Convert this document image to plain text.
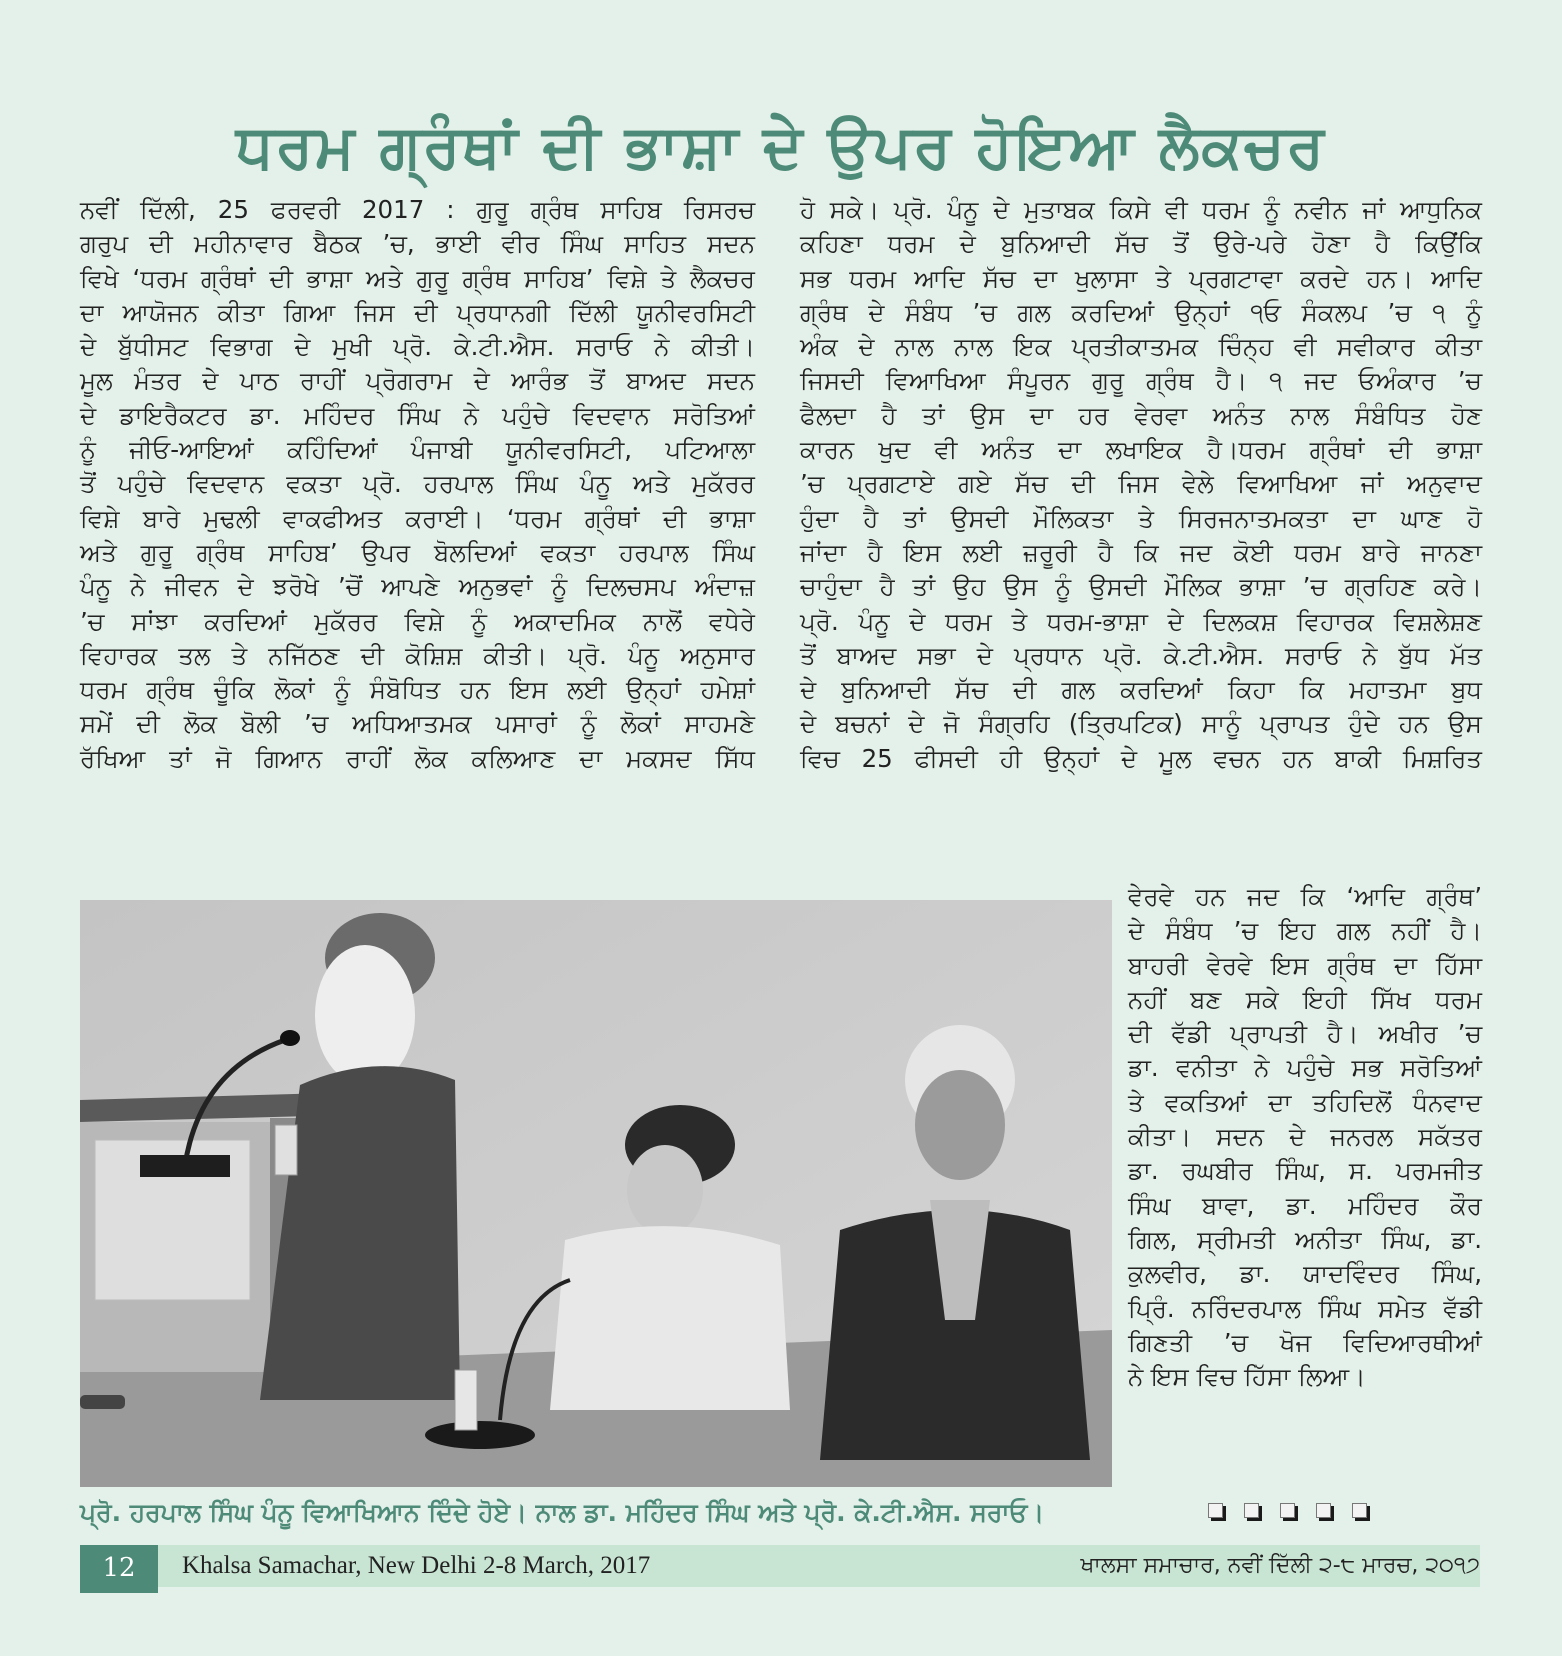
ਧਰਮ ਗ੍ਰੰਥਾਂ ਦੀ ਭਾਸ਼ਾ ਦੇ ਉਪਰ ਹੋਇਆ ਲੈਕਚਰ
ਨਵੀਂ ਦਿੱਲੀ, 25 ਫਰਵਰੀ 2017 : ਗੁਰੂ ਗ੍ਰੰਥ ਸਾਹਿਬ ਰਿਸਰਚ
ਗਰੁਪ ਦੀ ਮਹੀਨਾਵਾਰ ਬੈਠਕ ’ਚ, ਭਾਈ ਵੀਰ ਸਿੰਘ ਸਾਹਿਤ ਸਦਨ
ਵਿਖੇ ‘ਧਰਮ ਗ੍ਰੰਥਾਂ ਦੀ ਭਾਸ਼ਾ ਅਤੇ ਗੁਰੂ ਗ੍ਰੰਥ ਸਾਹਿਬ’ ਵਿਸ਼ੇ ਤੇ ਲੈਕਚਰ
ਦਾ ਆਯੋਜਨ ਕੀਤਾ ਗਿਆ ਜਿਸ ਦੀ ਪ੍ਰਧਾਨਗੀ ਦਿੱਲੀ ਯੂਨੀਵਰਸਿਟੀ
ਦੇ ਬੁੱਧੀਸਟ ਵਿਭਾਗ ਦੇ ਮੁਖੀ ਪ੍ਰੋ. ਕੇ.ਟੀ.ਐਸ. ਸਰਾਓ ਨੇ ਕੀਤੀ।
ਮੂਲ ਮੰਤਰ ਦੇ ਪਾਠ ਰਾਹੀਂ ਪ੍ਰੋਗਰਾਮ ਦੇ ਆਰੰਭ ਤੋਂ ਬਾਅਦ ਸਦਨ
ਦੇ ਡਾਇਰੈਕਟਰ ਡਾ. ਮਹਿੰਦਰ ਸਿੰਘ ਨੇ ਪਹੁੰਚੇ ਵਿਦਵਾਨ ਸਰੋਤਿਆਂ
ਨੂੰ ਜੀਓ-ਆਇਆਂ ਕਹਿੰਦਿਆਂ ਪੰਜਾਬੀ ਯੂਨੀਵਰਸਿਟੀ, ਪਟਿਆਲਾ
ਤੋਂ ਪਹੁੰਚੇ ਵਿਦਵਾਨ ਵਕਤਾ ਪ੍ਰੋ. ਹਰਪਾਲ ਸਿੰਘ ਪੰਨੂ ਅਤੇ ਮੁਕੱਰਰ
ਵਿਸ਼ੇ ਬਾਰੇ ਮੁਢਲੀ ਵਾਕਫੀਅਤ ਕਰਾਈ। ‘ਧਰਮ ਗ੍ਰੰਥਾਂ ਦੀ ਭਾਸ਼ਾ
ਅਤੇ ਗੁਰੂ ਗ੍ਰੰਥ ਸਾਹਿਬ’ ਉਪਰ ਬੋਲਦਿਆਂ ਵਕਤਾ ਹਰਪਾਲ ਸਿੰਘ
ਪੰਨੂ ਨੇ ਜੀਵਨ ਦੇ ਝਰੋਖੇ ’ਚੋਂ ਆਪਣੇ ਅਨੁਭਵਾਂ ਨੂੰ ਦਿਲਚਸਪ ਅੰਦਾਜ਼
’ਚ ਸਾਂਝਾ ਕਰਦਿਆਂ ਮੁਕੱਰਰ ਵਿਸ਼ੇ ਨੂੰ ਅਕਾਦਮਿਕ ਨਾਲੋਂ ਵਧੇਰੇ
ਵਿਹਾਰਕ ਤਲ ਤੇ ਨਜਿੱਠਣ ਦੀ ਕੋਸ਼ਿਸ਼ ਕੀਤੀ। ਪ੍ਰੋ. ਪੰਨੂ ਅਨੁਸਾਰ
ਧਰਮ ਗ੍ਰੰਥ ਚੂੰਕਿ ਲੋਕਾਂ ਨੂੰ ਸੰਬੋਧਿਤ ਹਨ ਇਸ ਲਈ ਉਨ੍ਹਾਂ ਹਮੇਸ਼ਾਂ
ਸਮੇਂ ਦੀ ਲੋਕ ਬੋਲੀ ’ਚ ਅਧਿਆਤਮਕ ਪਸਾਰਾਂ ਨੂੰ ਲੋਕਾਂ ਸਾਹਮਣੇ
ਰੱਖਿਆ ਤਾਂ ਜੋ ਗਿਆਨ ਰਾਹੀਂ ਲੋਕ ਕਲਿਆਣ ਦਾ ਮਕਸਦ ਸਿੱਧ
ਹੋ ਸਕੇ। ਪ੍ਰੋ. ਪੰਨੂ ਦੇ ਮੁਤਾਬਕ ਕਿਸੇ ਵੀ ਧਰਮ ਨੂੰ ਨਵੀਨ ਜਾਂ ਆਧੁਨਿਕ
ਕਹਿਣਾ ਧਰਮ ਦੇ ਬੁਨਿਆਦੀ ਸੱਚ ਤੋਂ ਉਰੇ-ਪਰੇ ਹੋਣਾ ਹੈ ਕਿਉਂਕਿ
ਸਭ ਧਰਮ ਆਦਿ ਸੱਚ ਦਾ ਖੁਲਾਸਾ ਤੇ ਪ੍ਰਗਟਾਵਾ ਕਰਦੇ ਹਨ। ਆਦਿ
ਗ੍ਰੰਥ ਦੇ ਸੰਬੰਧ ’ਚ ਗਲ ਕਰਦਿਆਂ ਉਨ੍ਹਾਂ ੧ਓ ਸੰਕਲਪ ’ਚ ੧ ਨੂੰ
ਅੰਕ ਦੇ ਨਾਲ ਨਾਲ ਇਕ ਪ੍ਰਤੀਕਾਤਮਕ ਚਿੰਨ੍ਹ ਵੀ ਸਵੀਕਾਰ ਕੀਤਾ
ਜਿਸਦੀ ਵਿਆਖਿਆ ਸੰਪੂਰਨ ਗੁਰੂ ਗ੍ਰੰਥ ਹੈ। ੧ ਜਦ ਓਅੰਕਾਰ ’ਚ
ਫੈਲਦਾ ਹੈ ਤਾਂ ਉਸ ਦਾ ਹਰ ਵੇਰਵਾ ਅਨੰਤ ਨਾਲ ਸੰਬੰਧਿਤ ਹੋਣ
ਕਾਰਨ ਖੁਦ ਵੀ ਅਨੰਤ ਦਾ ਲਖਾਇਕ ਹੈ।ਧਰਮ ਗ੍ਰੰਥਾਂ ਦੀ ਭਾਸ਼ਾ
’ਚ ਪ੍ਰਗਟਾਏ ਗਏ ਸੱਚ ਦੀ ਜਿਸ ਵੇਲੇ ਵਿਆਖਿਆ ਜਾਂ ਅਨੁਵਾਦ
ਹੁੰਦਾ ਹੈ ਤਾਂ ਉਸਦੀ ਮੌਲਿਕਤਾ ਤੇ ਸਿਰਜਨਾਤਮਕਤਾ ਦਾ ਘਾਣ ਹੋ
ਜਾਂਦਾ ਹੈ ਇਸ ਲਈ ਜ਼ਰੂਰੀ ਹੈ ਕਿ ਜਦ ਕੋਈ ਧਰਮ ਬਾਰੇ ਜਾਨਣਾ
ਚਾਹੁੰਦਾ ਹੈ ਤਾਂ ਉਹ ਉਸ ਨੂੰ ਉਸਦੀ ਮੌਲਿਕ ਭਾਸ਼ਾ ’ਚ ਗ੍ਰਹਿਣ ਕਰੇ।
ਪ੍ਰੋ. ਪੰਨੂ ਦੇ ਧਰਮ ਤੇ ਧਰਮ-ਭਾਸ਼ਾ ਦੇ ਦਿਲਕਸ਼ ਵਿਹਾਰਕ ਵਿਸ਼ਲੇਸ਼ਣ
ਤੋਂ ਬਾਅਦ ਸਭਾ ਦੇ ਪ੍ਰਧਾਨ ਪ੍ਰੋ. ਕੇ.ਟੀ.ਐਸ. ਸਰਾਓ ਨੇ ਬੁੱਧ ਮੱਤ
ਦੇ ਬੁਨਿਆਦੀ ਸੱਚ ਦੀ ਗਲ ਕਰਦਿਆਂ ਕਿਹਾ ਕਿ ਮਹਾਤਮਾ ਬੁਧ
ਦੇ ਬਚਨਾਂ ਦੇ ਜੋ ਸੰਗ੍ਰਹਿ (ਤ੍ਰਿਪਟਿਕ) ਸਾਨੂੰ ਪ੍ਰਾਪਤ ਹੁੰਦੇ ਹਨ ਉਸ
ਵਿਚ 25 ਫੀਸਦੀ ਹੀ ਉਨ੍ਹਾਂ ਦੇ ਮੂਲ ਵਚਨ ਹਨ ਬਾਕੀ ਮਿਸ਼ਰਿਤ
ਵੇਰਵੇ ਹਨ ਜਦ ਕਿ ‘ਆਦਿ ਗ੍ਰੰਥ’
ਦੇ ਸੰਬੰਧ ’ਚ ਇਹ ਗਲ ਨਹੀਂ ਹੈ।
ਬਾਹਰੀ ਵੇਰਵੇ ਇਸ ਗ੍ਰੰਥ ਦਾ ਹਿੱਸਾ
ਨਹੀਂ ਬਣ ਸਕੇ ਇਹੀ ਸਿੱਖ ਧਰਮ
ਦੀ ਵੱਡੀ ਪ੍ਰਾਪਤੀ ਹੈ। ਅਖੀਰ ’ਚ
ਡਾ. ਵਨੀਤਾ ਨੇ ਪਹੁੰਚੇ ਸਭ ਸਰੋਤਿਆਂ
ਤੇ ਵਕਤਿਆਂ ਦਾ ਤਹਿਦਿਲੋਂ ਧੰਨਵਾਦ
ਕੀਤਾ। ਸਦਨ ਦੇ ਜਨਰਲ ਸਕੱਤਰ
ਡਾ. ਰਘਬੀਰ ਸਿੰਘ, ਸ. ਪਰਮਜੀਤ
ਸਿੰਘ ਬਾਵਾ, ਡਾ. ਮਹਿੰਦਰ ਕੌਰ
ਗਿਲ, ਸ੍ਰੀਮਤੀ ਅਨੀਤਾ ਸਿੰਘ, ਡਾ.
ਕੁਲਵੀਰ, ਡਾ. ਯਾਦਵਿੰਦਰ ਸਿੰਘ,
ਪ੍ਰਿੰ. ਨਰਿੰਦਰਪਾਲ ਸਿੰਘ ਸਮੇਤ ਵੱਡੀ
ਗਿਣਤੀ ’ਚ ਖੋਜ ਵਿਦਿਆਰਥੀਆਂ
ਨੇ ਇਸ ਵਿਚ ਹਿੱਸਾ ਲਿਆ।
ਪ੍ਰੋ. ਹਰਪਾਲ ਸਿੰਘ ਪੰਨੂ ਵਿਆਖਿਆਨ ਦਿੰਦੇ ਹੋਏ। ਨਾਲ ਡਾ. ਮਹਿੰਦਰ ਸਿੰਘ ਅਤੇ ਪ੍ਰੋ. ਕੇ.ਟੀ.ਐਸ. ਸਰਾਓ।
12	Khalsa Samachar, New Delhi 2-8 March, 2017	ਖਾਲਸਾ ਸਮਾਚਾਰ, ਨਵੀਂ ਦਿੱਲੀ ੨-੮ ਮਾਰਚ, ੨੦੧੭
